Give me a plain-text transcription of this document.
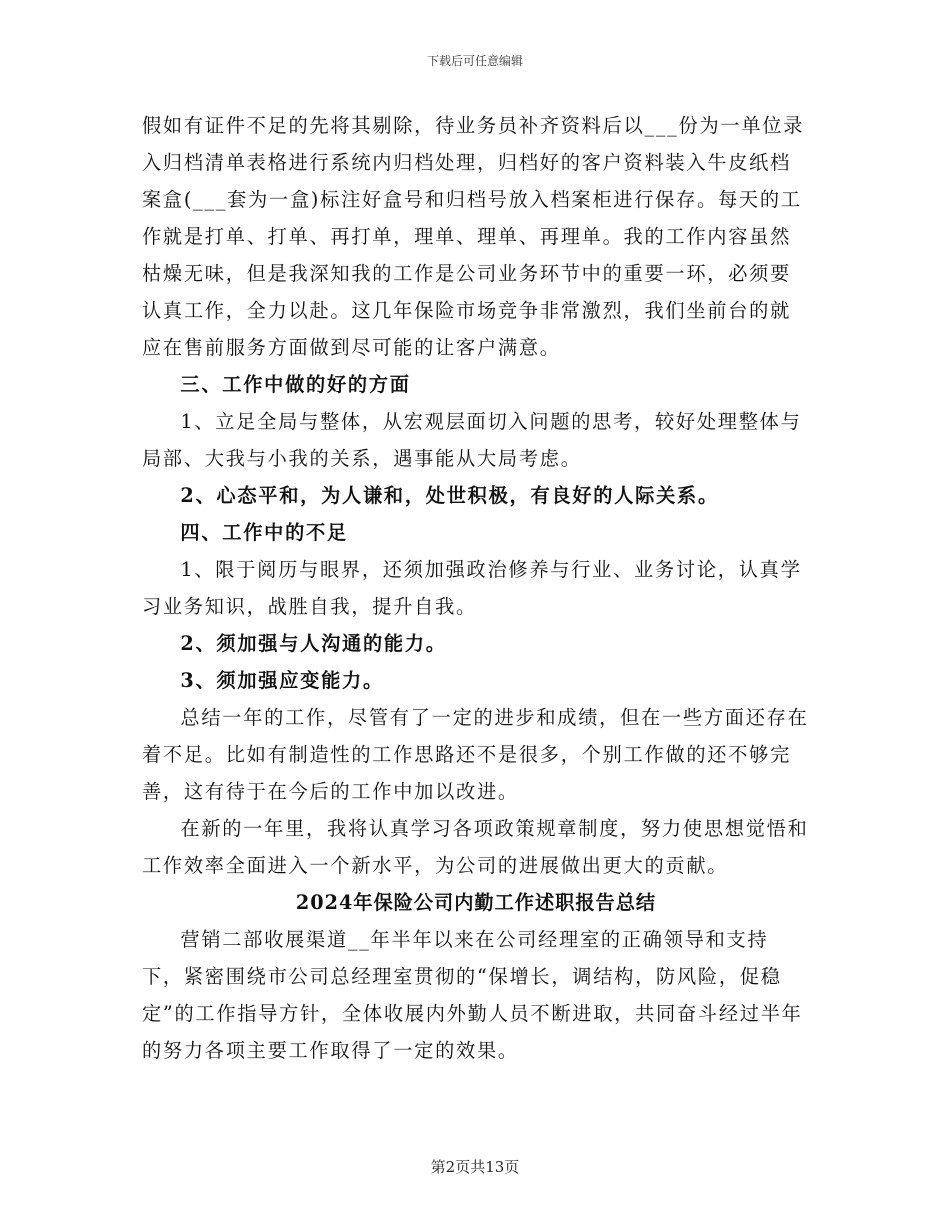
下载后可任意编辑

假如有证件不足的先将其剔除，待业务员补齐资料后以___份为一单位录入归档清单表格进行系统内归档处理，归档好的客户资料装入牛皮纸档案盒(___套为一盒)标注好盒号和归档号放入档案柜进行保存。每天的工作就是打单、打单、再打单，理单、理单、再理单。我的工作内容虽然枯燥无味，但是我深知我的工作是公司业务环节中的重要一环，必须要认真工作，全力以赴。这几年保险市场竞争非常激烈，我们坐前台的就应在售前服务方面做到尽可能的让客户满意。

三、工作中做的好的方面

1、立足全局与整体，从宏观层面切入问题的思考，较好处理整体与局部、大我与小我的关系，遇事能从大局考虑。

2、心态平和，为人谦和，处世积极，有良好的人际关系。

四、工作中的不足

1、限于阅历与眼界，还须加强政治修养与行业、业务讨论，认真学习业务知识，战胜自我，提升自我。

2、须加强与人沟通的能力。

3、须加强应变能力。

总结一年的工作，尽管有了一定的进步和成绩，但在一些方面还存在着不足。比如有制造性的工作思路还不是很多，个别工作做的还不够完善，这有待于在今后的工作中加以改进。

在新的一年里，我将认真学习各项政策规章制度，努力使思想觉悟和工作效率全面进入一个新水平，为公司的进展做出更大的贡献。

2024年保险公司内勤工作述职报告总结

营销二部收展渠道__年半年以来在公司经理室的正确领导和支持下，紧密围绕市公司总经理室贯彻的“保增长，调结构，防风险，促稳定”的工作指导方针，全体收展内外勤人员不断进取，共同奋斗经过半年的努力各项主要工作取得了一定的效果。

第2页共13页
